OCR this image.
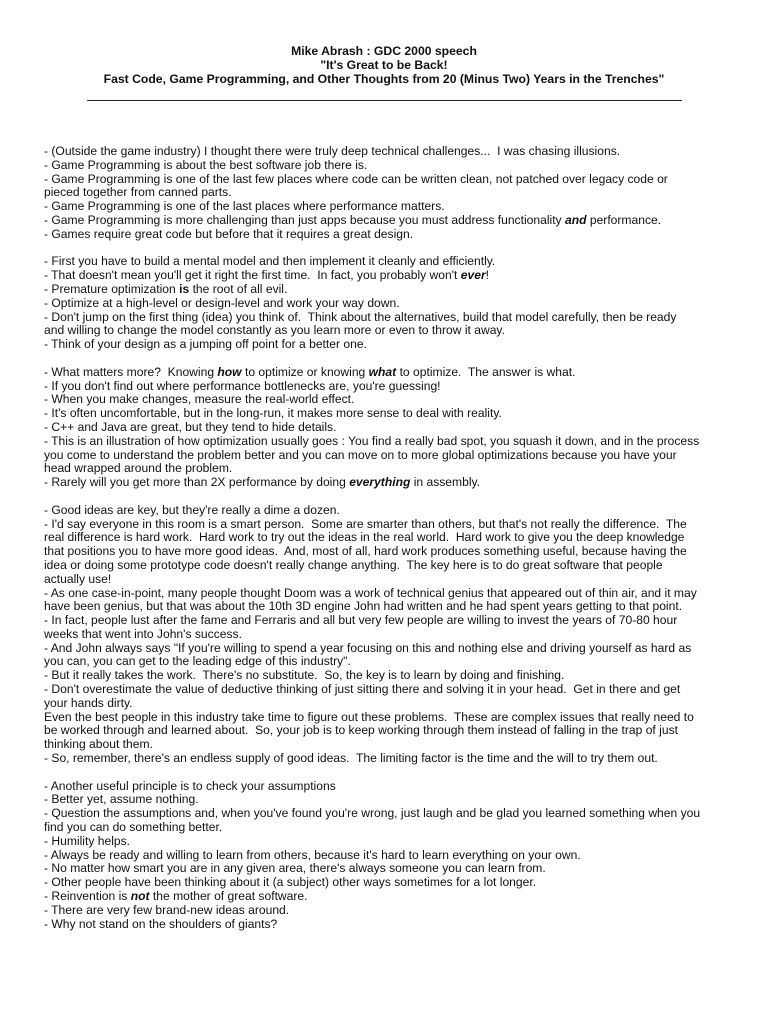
Mike Abrash : GDC 2000 speech
"It's Great to be Back!
Fast Code, Game Programming, and Other Thoughts from 20 (Minus Two) Years in the Trenches"
- (Outside the game industry) I thought there were truly deep technical challenges...  I was chasing illusions.
- Game Programming is about the best software job there is.
- Game Programming is one of the last few places where code can be written clean, not patched over legacy code or
pieced together from canned parts.
- Game Programming is one of the last places where performance matters.
- Game Programming is more challenging than just apps because you must address functionality and performance.
- Games require great code but before that it requires a great design.
- First you have to build a mental model and then implement it cleanly and efficiently.
- That doesn't mean you'll get it right the first time.  In fact, you probably won't ever!
- Premature optimization is the root of all evil.
- Optimize at a high-level or design-level and work your way down.
- Don't jump on the first thing (idea) you think of.  Think about the alternatives, build that model carefully, then be ready
and willing to change the model constantly as you learn more or even to throw it away.
- Think of your design as a jumping off point for a better one.
- What matters more?  Knowing how to optimize or knowing what to optimize.  The answer is what.
- If you don't find out where performance bottlenecks are, you're guessing!
- When you make changes, measure the real-world effect.
- It's often uncomfortable, but in the long-run, it makes more sense to deal with reality.
- C++ and Java are great, but they tend to hide details.
- This is an illustration of how optimization usually goes : You find a really bad spot, you squash it down, and in the process
you come to understand the problem better and you can move on to more global optimizations because you have your
head wrapped around the problem.
- Rarely will you get more than 2X performance by doing everything in assembly.
- Good ideas are key, but they're really a dime a dozen.
- I'd say everyone in this room is a smart person.  Some are smarter than others, but that's not really the difference.  The
real difference is hard work.  Hard work to try out the ideas in the real world.  Hard work to give you the deep knowledge
that positions you to have more good ideas.  And, most of all, hard work produces something useful, because having the
idea or doing some prototype code doesn't really change anything.  The key here is to do great software that people
actually use!
- As one case-in-point, many people thought Doom was a work of technical genius that appeared out of thin air, and it may
have been genius, but that was about the 10th 3D engine John had written and he had spent years getting to that point.
- In fact, people lust after the fame and Ferraris and all but very few people are willing to invest the years of 70-80 hour
weeks that went into John's success.
- And John always says "If you're willing to spend a year focusing on this and nothing else and driving yourself as hard as
you can, you can get to the leading edge of this industry".
- But it really takes the work.  There's no substitute.  So, the key is to learn by doing and finishing.
- Don't overestimate the value of deductive thinking of just sitting there and solving it in your head.  Get in there and get
your hands dirty.
Even the best people in this industry take time to figure out these problems.  These are complex issues that really need to
be worked through and learned about.  So, your job is to keep working through them instead of falling in the trap of just
thinking about them.
- So, remember, there's an endless supply of good ideas.  The limiting factor is the time and the will to try them out.
- Another useful principle is to check your assumptions
- Better yet, assume nothing.
- Question the assumptions and, when you've found you're wrong, just laugh and be glad you learned something when you
find you can do something better.
- Humility helps.
- Always be ready and willing to learn from others, because it's hard to learn everything on your own.
- No matter how smart you are in any given area, there's always someone you can learn from.
- Other people have been thinking about it (a subject) other ways sometimes for a lot longer.
- Reinvention is not the mother of great software.
- There are very few brand-new ideas around.
- Why not stand on the shoulders of giants?
